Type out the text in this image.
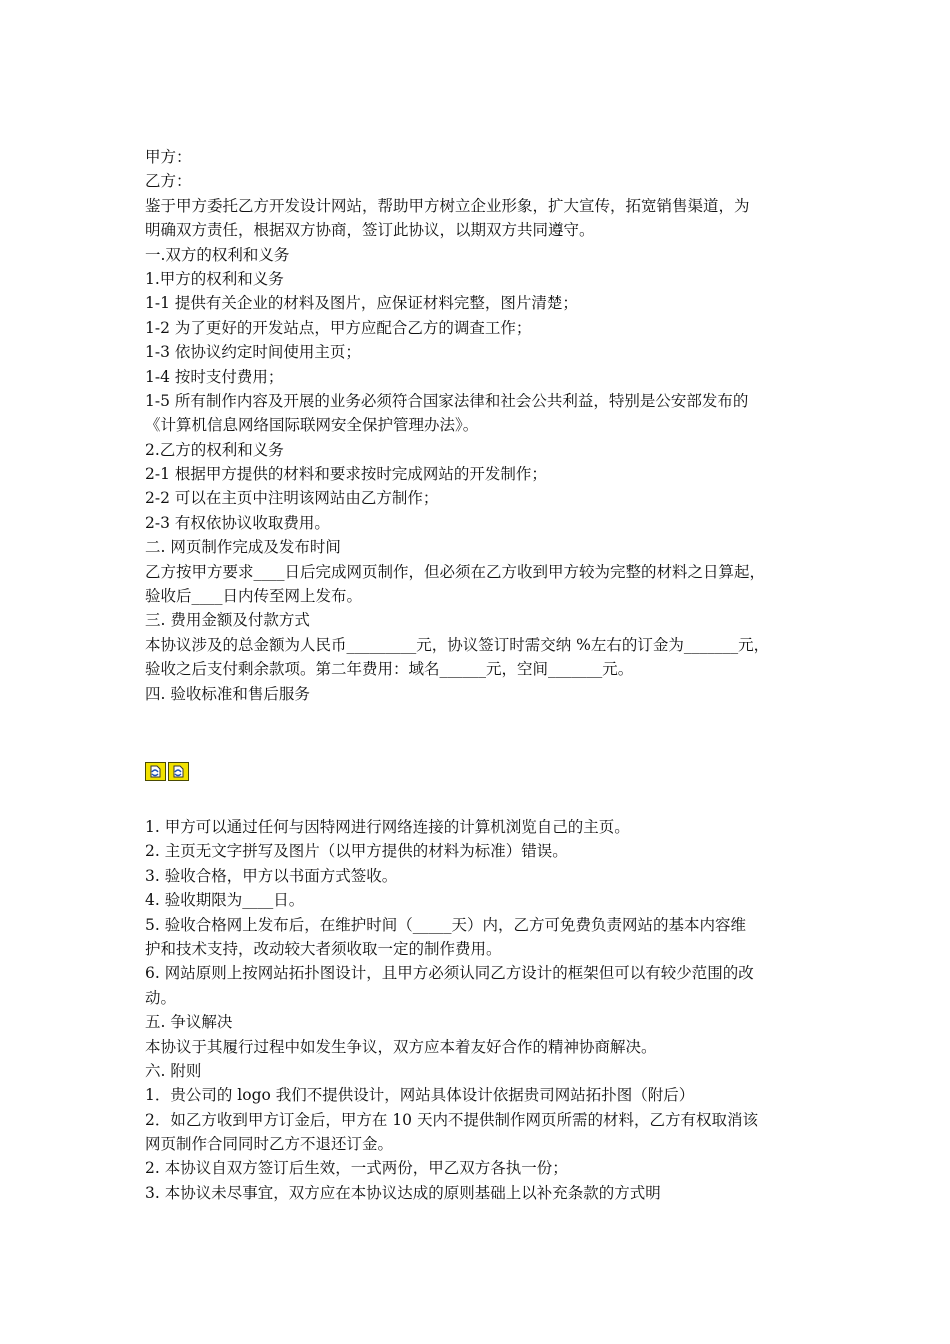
甲方：
乙方：
鉴于甲方委托乙方开发设计网站，帮助甲方树立企业形象，扩大宣传，拓宽销售渠道，为
明确双方责任，根据双方协商，签订此协议，以期双方共同遵守。
一.双方的权利和义务
1.甲方的权利和义务
1-1 提供有关企业的材料及图片，应保证材料完整，图片清楚；
1-2 为了更好的开发站点，甲方应配合乙方的调查工作；
1-3 依协议约定时间使用主页；
1-4 按时支付费用；
1-5 所有制作内容及开展的业务必须符合国家法律和社会公共利益，特别是公安部发布的
《计算机信息网络国际联网安全保护管理办法》。
2.乙方的权利和义务
2-1 根据甲方提供的材料和要求按时完成网站的开发制作；
2-2 可以在主页中注明该网站由乙方制作；
2-3 有权依协议收取费用。
二. 网页制作完成及发布时间
乙方按甲方要求____日后完成网页制作，但必须在乙方收到甲方较为完整的材料之日算起，
验收后____日内传至网上发布。
三. 费用金额及付款方式
本协议涉及的总金额为人民币_________元，协议签订时需交纳 %左右的订金为_______元，
验收之后支付剩余款项。第二年费用：域名______元，空间_______元。
四. 验收标准和售后服务
1. 甲方可以通过任何与因特网进行网络连接的计算机浏览自己的主页。
2. 主页无文字拼写及图片（以甲方提供的材料为标准）错误。
3. 验收合格，甲方以书面方式签收。
4. 验收期限为____日。
5. 验收合格网上发布后，在维护时间（_____天）内，乙方可免费负责网站的基本内容维
护和技术支持，改动较大者须收取一定的制作费用。
6. 网站原则上按网站拓扑图设计，且甲方必须认同乙方设计的框架但可以有较少范围的改
动。
五. 争议解决
本协议于其履行过程中如发生争议，双方应本着友好合作的精神协商解决。
六. 附则
1．贵公司的 logo 我们不提供设计，网站具体设计依据贵司网站拓扑图（附后）
2．如乙方收到甲方订金后，甲方在 10 天内不提供制作网页所需的材料，乙方有权取消该
网页制作合同同时乙方不退还订金。
2. 本协议自双方签订后生效，一式两份，甲乙双方各执一份；
3. 本协议未尽事宜，双方应在本协议达成的原则基础上以补充条款的方式明
